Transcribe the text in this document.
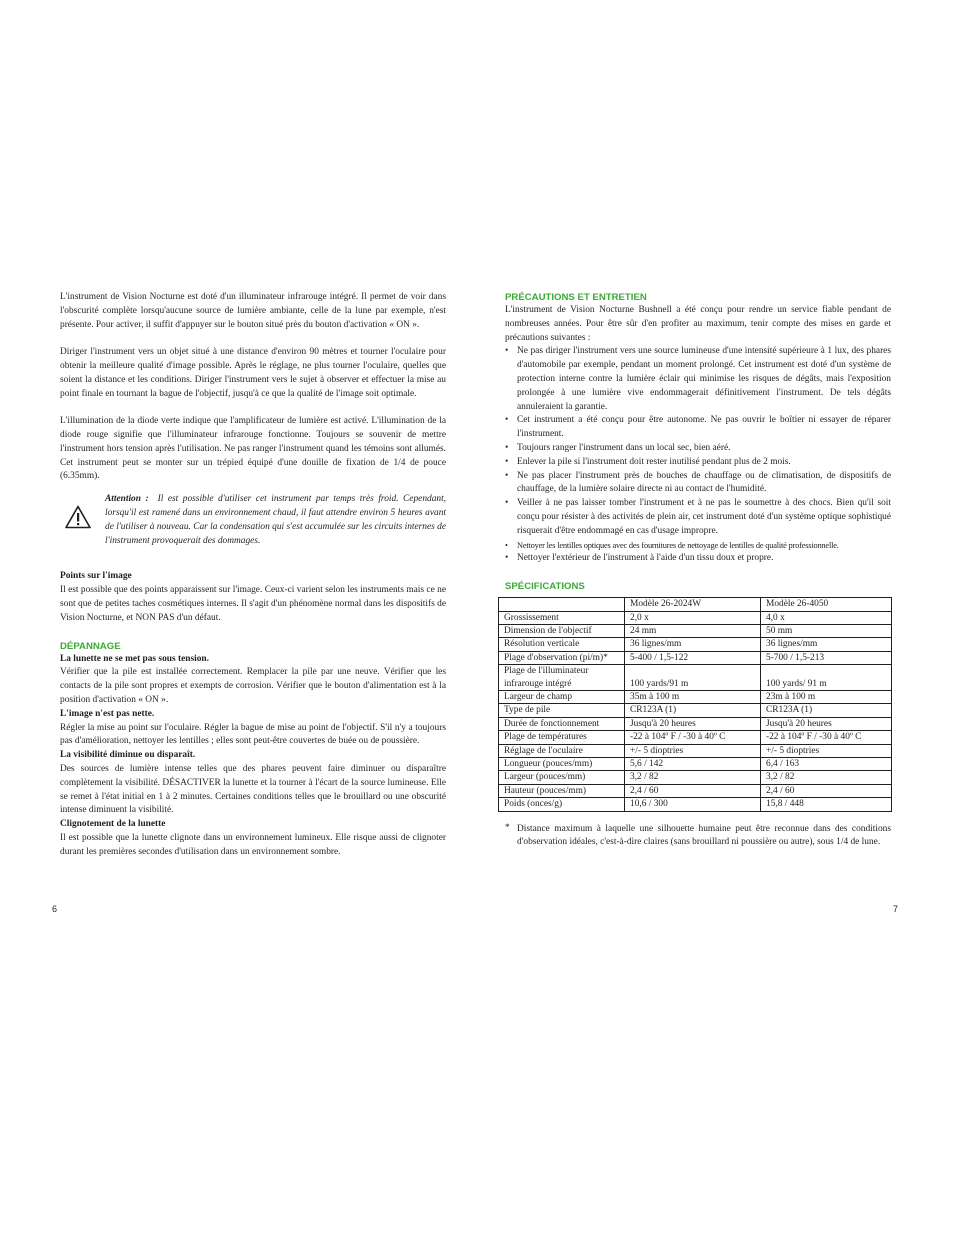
L'instrument de Vision Nocturne est doté d'un illuminateur infrarouge intégré. Il permet de voir dans l'obscurité complète lorsqu'aucune source de lumière ambiante, celle de la lune par exemple, n'est présente. Pour activer, il suffit d'appuyer sur le bouton situé près du bouton d'activation « ON ».

Diriger l'instrument vers un objet situé à une distance d'environ 90 mètres et tourner l'oculaire pour obtenir la meilleure qualité d'image possible. Après le réglage, ne plus tourner l'oculaire, quelles que soient la distance et les conditions. Diriger l'instrument vers le sujet à observer et effectuer la mise au point finale en tournant la bague de l'objectif, jusqu'à ce que la qualité de l'image soit optimale.

L'illumination de la diode verte indique que l'amplificateur de lumière est activé. L'illumination de la diode rouge signifie que l'illuminateur infrarouge fonctionne. Toujours se souvenir de mettre l'instrument hors tension après l'utilisation. Ne pas ranger l'instrument quand les témoins sont allumés. Cet instrument peut se monter sur un trépied équipé d'une douille de fixation de 1/4 de pouce (6.35mm).

Attention : Il est possible d'utiliser cet instrument par temps très froid. Cependant, lorsqu'il est ramené dans un environnement chaud, il faut attendre environ 5 heures avant de l'utiliser à nouveau. Car la condensation qui s'est accumulée sur les circuits internes de l'instrument provoquerait des dommages.

Points sur l'image

Il est possible que des points apparaissent sur l'image. Ceux-ci varient selon les instruments mais ce ne sont que de petites taches cosmétiques internes. Il s'agit d'un phénomène normal dans les dispositifs de Vision Nocturne, et NON PAS d'un défaut.

DÉPANNAGE

La lunette ne se met pas sous tension.

Vérifier que la pile est installée correctement. Remplacer la pile par une neuve. Vérifier que les contacts de la pile sont propres et exempts de corrosion. Vérifier que le bouton d'alimentation est à la position d'activation « ON ».

L'image n'est pas nette.

Régler la mise au point sur l'oculaire. Régler la bague de mise au point de l'objectif. S'il n'y a toujours pas d'amélioration, nettoyer les lentilles ; elles sont peut-être couvertes de buée ou de poussière.

La visibilité diminue ou disparaît.

Des sources de lumière intense telles que des phares peuvent faire diminuer ou disparaître complètement la visibilité. DÉSACTIVER la lunette et la tourner à l'écart de la source lumineuse. Elle se remet à l'état initial en 1 à 2 minutes. Certaines conditions telles que le brouillard ou une obscurité intense diminuent la visibilité.

Clignotement de la lunette

Il est possible que la lunette clignote dans un environnement lumineux. Elle risque aussi de clignoter durant les premières secondes d'utilisation dans un environnement sombre.

6

PRÉCAUTIONS ET ENTRETIEN

L'instrument de Vision Nocturne Bushnell a été conçu pour rendre un service fiable pendant de nombreuses années. Pour être sûr d'en profiter au maximum, tenir compte des mises en garde et précautions suivantes :

• Ne pas diriger l'instrument vers une source lumineuse d'une intensité supérieure à 1 lux, des phares d'automobile par exemple, pendant un moment prolongé. Cet instrument est doté d'un système de protection interne contre la lumière éclair qui minimise les risques de dégâts, mais l'exposition prolongée à une lumière vive endommagerait définitivement l'instrument. De tels dégâts annuleraient la garantie.
• Cet instrument a été conçu pour être autonome. Ne pas ouvrir le boîtier ni essayer de réparer l'instrument.
• Toujours ranger l'instrument dans un local sec, bien aéré.
• Enlever la pile si l'instrument doit rester inutilisé pendant plus de 2 mois.
• Ne pas placer l'instrument près de bouches de chauffage ou de climatisation, de dispositifs de chauffage, de la lumière solaire directe ni au contact de l'humidité.
• Veiller à ne pas laisser tomber l'instrument et à ne pas le soumettre à des chocs. Bien qu'il soit conçu pour résister à des activités de plein air, cet instrument doté d'un système optique sophistiqué risquerait d'être endommagé en cas d'usage impropre.
• Nettoyer les lentilles optiques avec des fournitures de nettoyage de lentilles de qualité professionnelle.
• Nettoyer l'extérieur de l'instrument à l'aide d'un tissu doux et propre.

SPÉCIFICATIONS

	Modèle 26-2024W	Modèle 26-4050
Grossissement	2,0 x	4,0 x
Dimension de l'objectif	24 mm	50 mm
Résolution verticale	36 lignes/mm	36 lignes/mm
Plage d'observation (pi/m)*	5-400 / 1,5-122	5-700 / 1,5-213
Plage de l'illuminateur infrarouge intégré	100 yards/91 m	100 yards/ 91 m
Largeur de champ	35m à 100 m	23m à 100 m
Type de pile	CR123A (1)	CR123A (1)
Durée de fonctionnement	Jusqu'à 20 heures	Jusqu'à 20 heures
Plage de températures	-22 à 104º F / -30 à 40º C	-22 à 104º F / -30 à 40º C
Réglage de l'oculaire	+/- 5 dioptries	+/- 5 dioptries
Longueur (pouces/mm)	5,6 / 142	6,4 / 163
Largeur (pouces/mm)	3,2 / 82	3,2 / 82
Hauteur (pouces/mm)	2,4 / 60	2,4 / 60
Poids (onces/g)	10,6 / 300	15,8 / 448
* Distance maximum à laquelle une silhouette humaine peut être reconnue dans des conditions d'observation idéales, c'est-à-dire claires (sans brouillard ni poussière ou autre), sous 1/4 de lune.

7
